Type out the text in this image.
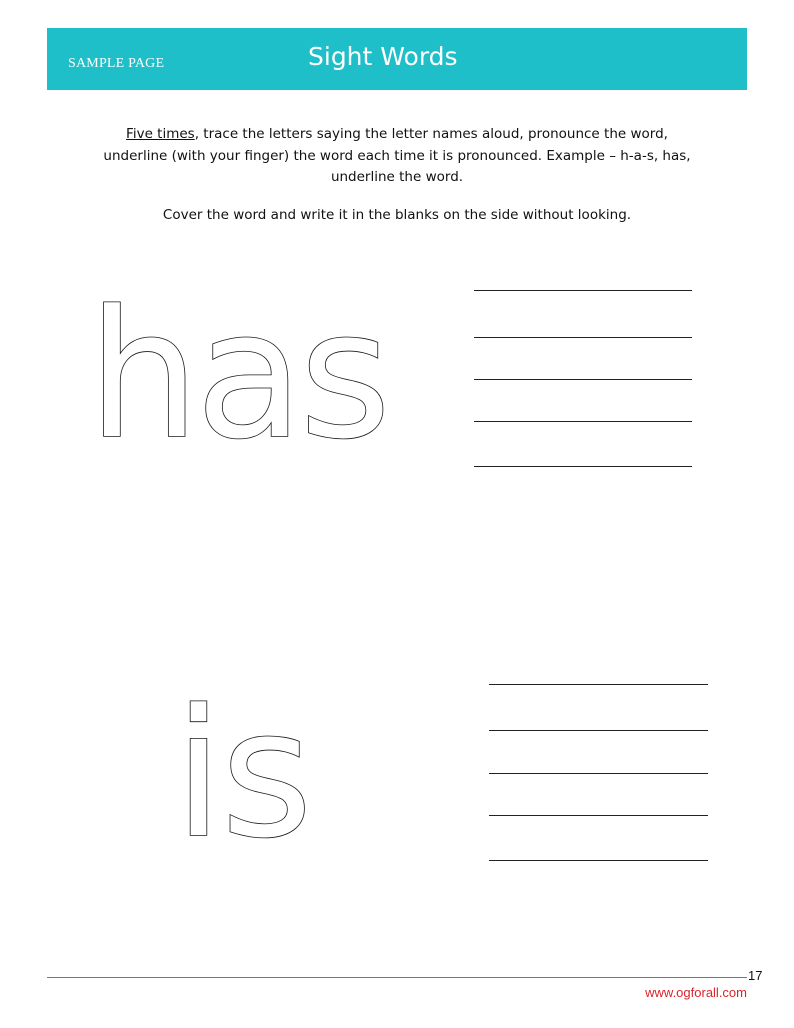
SAMPLE PAGE	Sight Words

Five times, trace the letters saying the letter names aloud, pronounce the word,
underline (with your finger) the word each time it is pronounced. Example – h-a-s, has,
underline the word.

Cover the word and write it in the blanks on the side without looking.

has
is
17
www.ogforall.com
